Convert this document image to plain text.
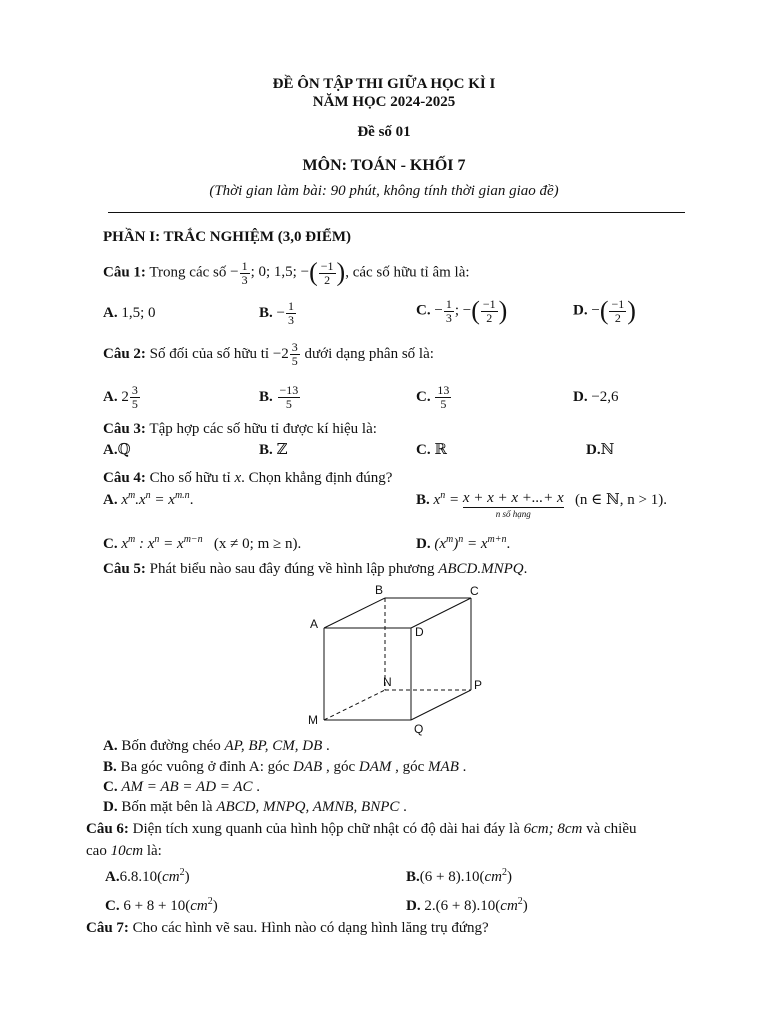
ĐỀ ÔN TẬP THI GIỮA HỌC KÌ I
NĂM HỌC 2024-2025
Đề số 01
MÔN: TOÁN - KHỐI 7
(Thời gian làm bài: 90 phút, không tính thời gian giao đề)
PHẦN I: TRẮC NGHIỆM (3,0 ĐIỂM)
Câu 1: Trong các số − $\frac{1}{3}$ ; 0; 1,5; −( $\frac{-1}{2}$ ), các số hữu tỉ âm là:
A. 1,5; 0	B. − $\frac{1}{3}$	C. − $\frac{1}{3}$ ; −( $\frac{-1}{2}$ )	D. −( $\frac{-1}{2}$ )
Câu 2: Số đối của số hữu tỉ $-2 \frac{3}{5}$ dưới dạng phân số là:
A. $2 \frac{3}{5}$	B. $\frac{-13}{5}$	C. $\frac{13}{5}$	D. −2,6
Câu 3: Tập hợp các số hữu tỉ được kí hiệu là:
A.ℚ	B. ℤ	C. ℝ	D.ℕ
Câu 4: Cho số hữu tỉ x. Chọn khẳng định đúng?
A. $x^m.x^n = x^{m.n}$.	B. $x^n = x + x + x$ +...+ x
n số hạng
(n ∈ ℕ, n > 1).
C. $x^m$ : $x^n = x^{m-n}$ (x ≠ 0; m ≥ n).	D. $(x^m)^n = x^{m+n}$.
Câu 5: Phát biểu nào sau đây đúng về hình lập phương ABCD.MNPQ.
B	C
A
D
N	P
M
Q
A. Bốn đường chéo AP, BP, CM, DB .
B. Ba góc vuông ở đỉnh A: góc DAB , góc DAM , góc MAB .
C. AM = AB = AD = AC .
D. Bốn mặt bên là ABCD, MNPQ, AMNB, BNPC .
Câu 6: Diện tích xung quanh của hình hộp chữ nhật có độ dài hai đáy là 6cm; 8cm và chiều
cao 10cm là:
$A.6.8.10(cm^2)$	$B.(6 + 8).10(cm^2)$
C. $6 + 8 + 10(cm^2)$	D. $2.(6 + 8).10(cm^2)$
Câu 7: Cho các hình vẽ sau. Hình nào có dạng hình lăng trụ đứng?
